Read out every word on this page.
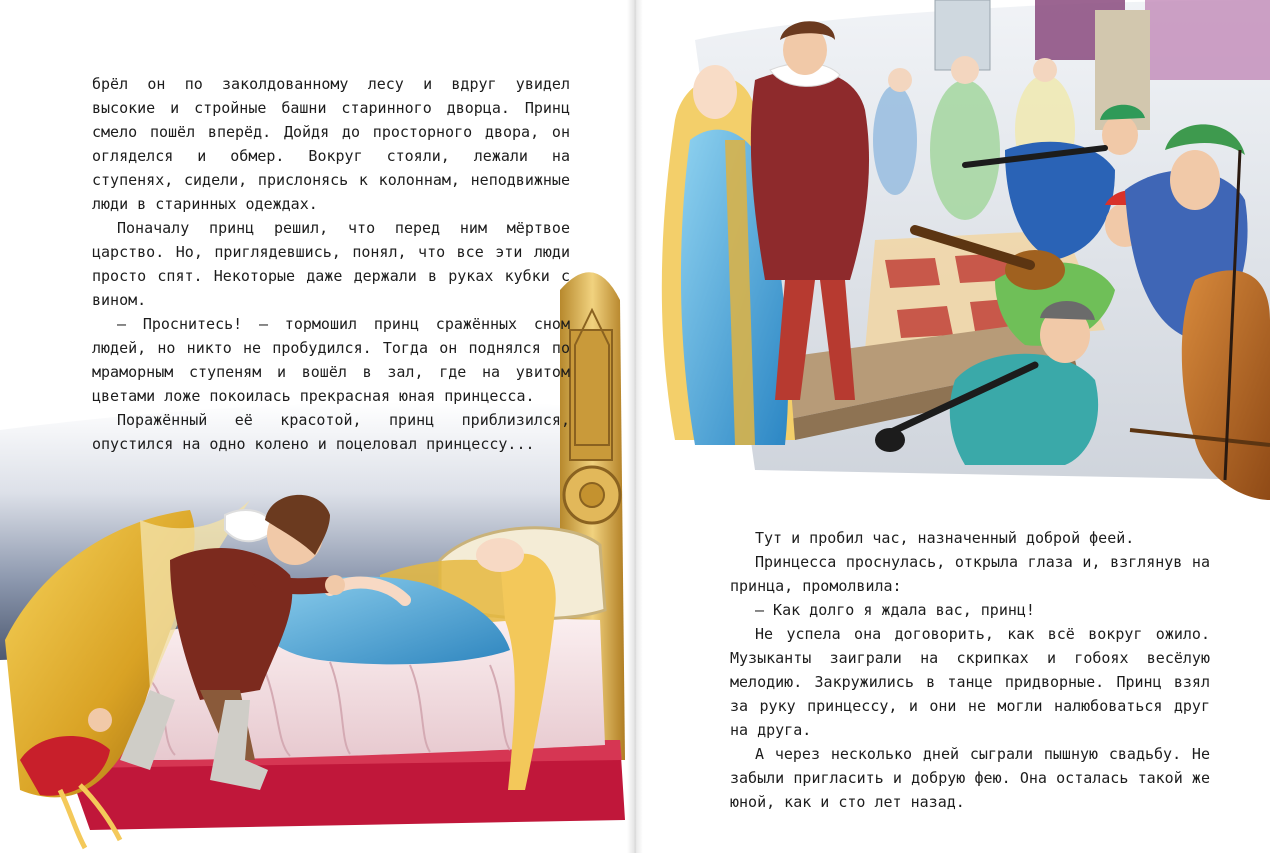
брёл он по заколдованному лесу и вдруг увидел высокие и стройные башни старинного дворца. Принц смело пошёл вперёд. Дойдя до просторного двора, он огляделся и обмер. Вокруг стояли, лежали на ступенях, сидели, прислонясь к колоннам, неподвижные люди в старинных одеждах.

Поначалу принц решил, что перед ним мёртвое царство. Но, приглядевшись, понял, что все эти люди просто спят. Некоторые даже держали в руках кубки с вином.

— Проснитесь! — тормошил принц сражённых сном людей, но никто не пробудился. Тогда он поднялся по мраморным ступеням и вошёл в зал, где на увитом цветами ложе покоилась прекрасная юная принцесса.

Поражённый её красотой, принц приблизился, опустился на одно колено и поцеловал принцессу...

Тут и пробил час, назначенный доброй феей.

Принцесса проснулась, открыла глаза и, взглянув на принца, промолвила:

— Как долго я ждала вас, принц!

Не успела она договорить, как всё вокруг ожило. Музыканты заиграли на скрипках и гобоях весёлую мелодию. Закружились в танце придворные. Принц взял за руку принцессу, и они не могли налюбоваться друг на друга.

А через несколько дней сыграли пышную свадьбу. Не забыли пригласить и добрую фею. Она осталась такой же юной, как и сто лет назад.
